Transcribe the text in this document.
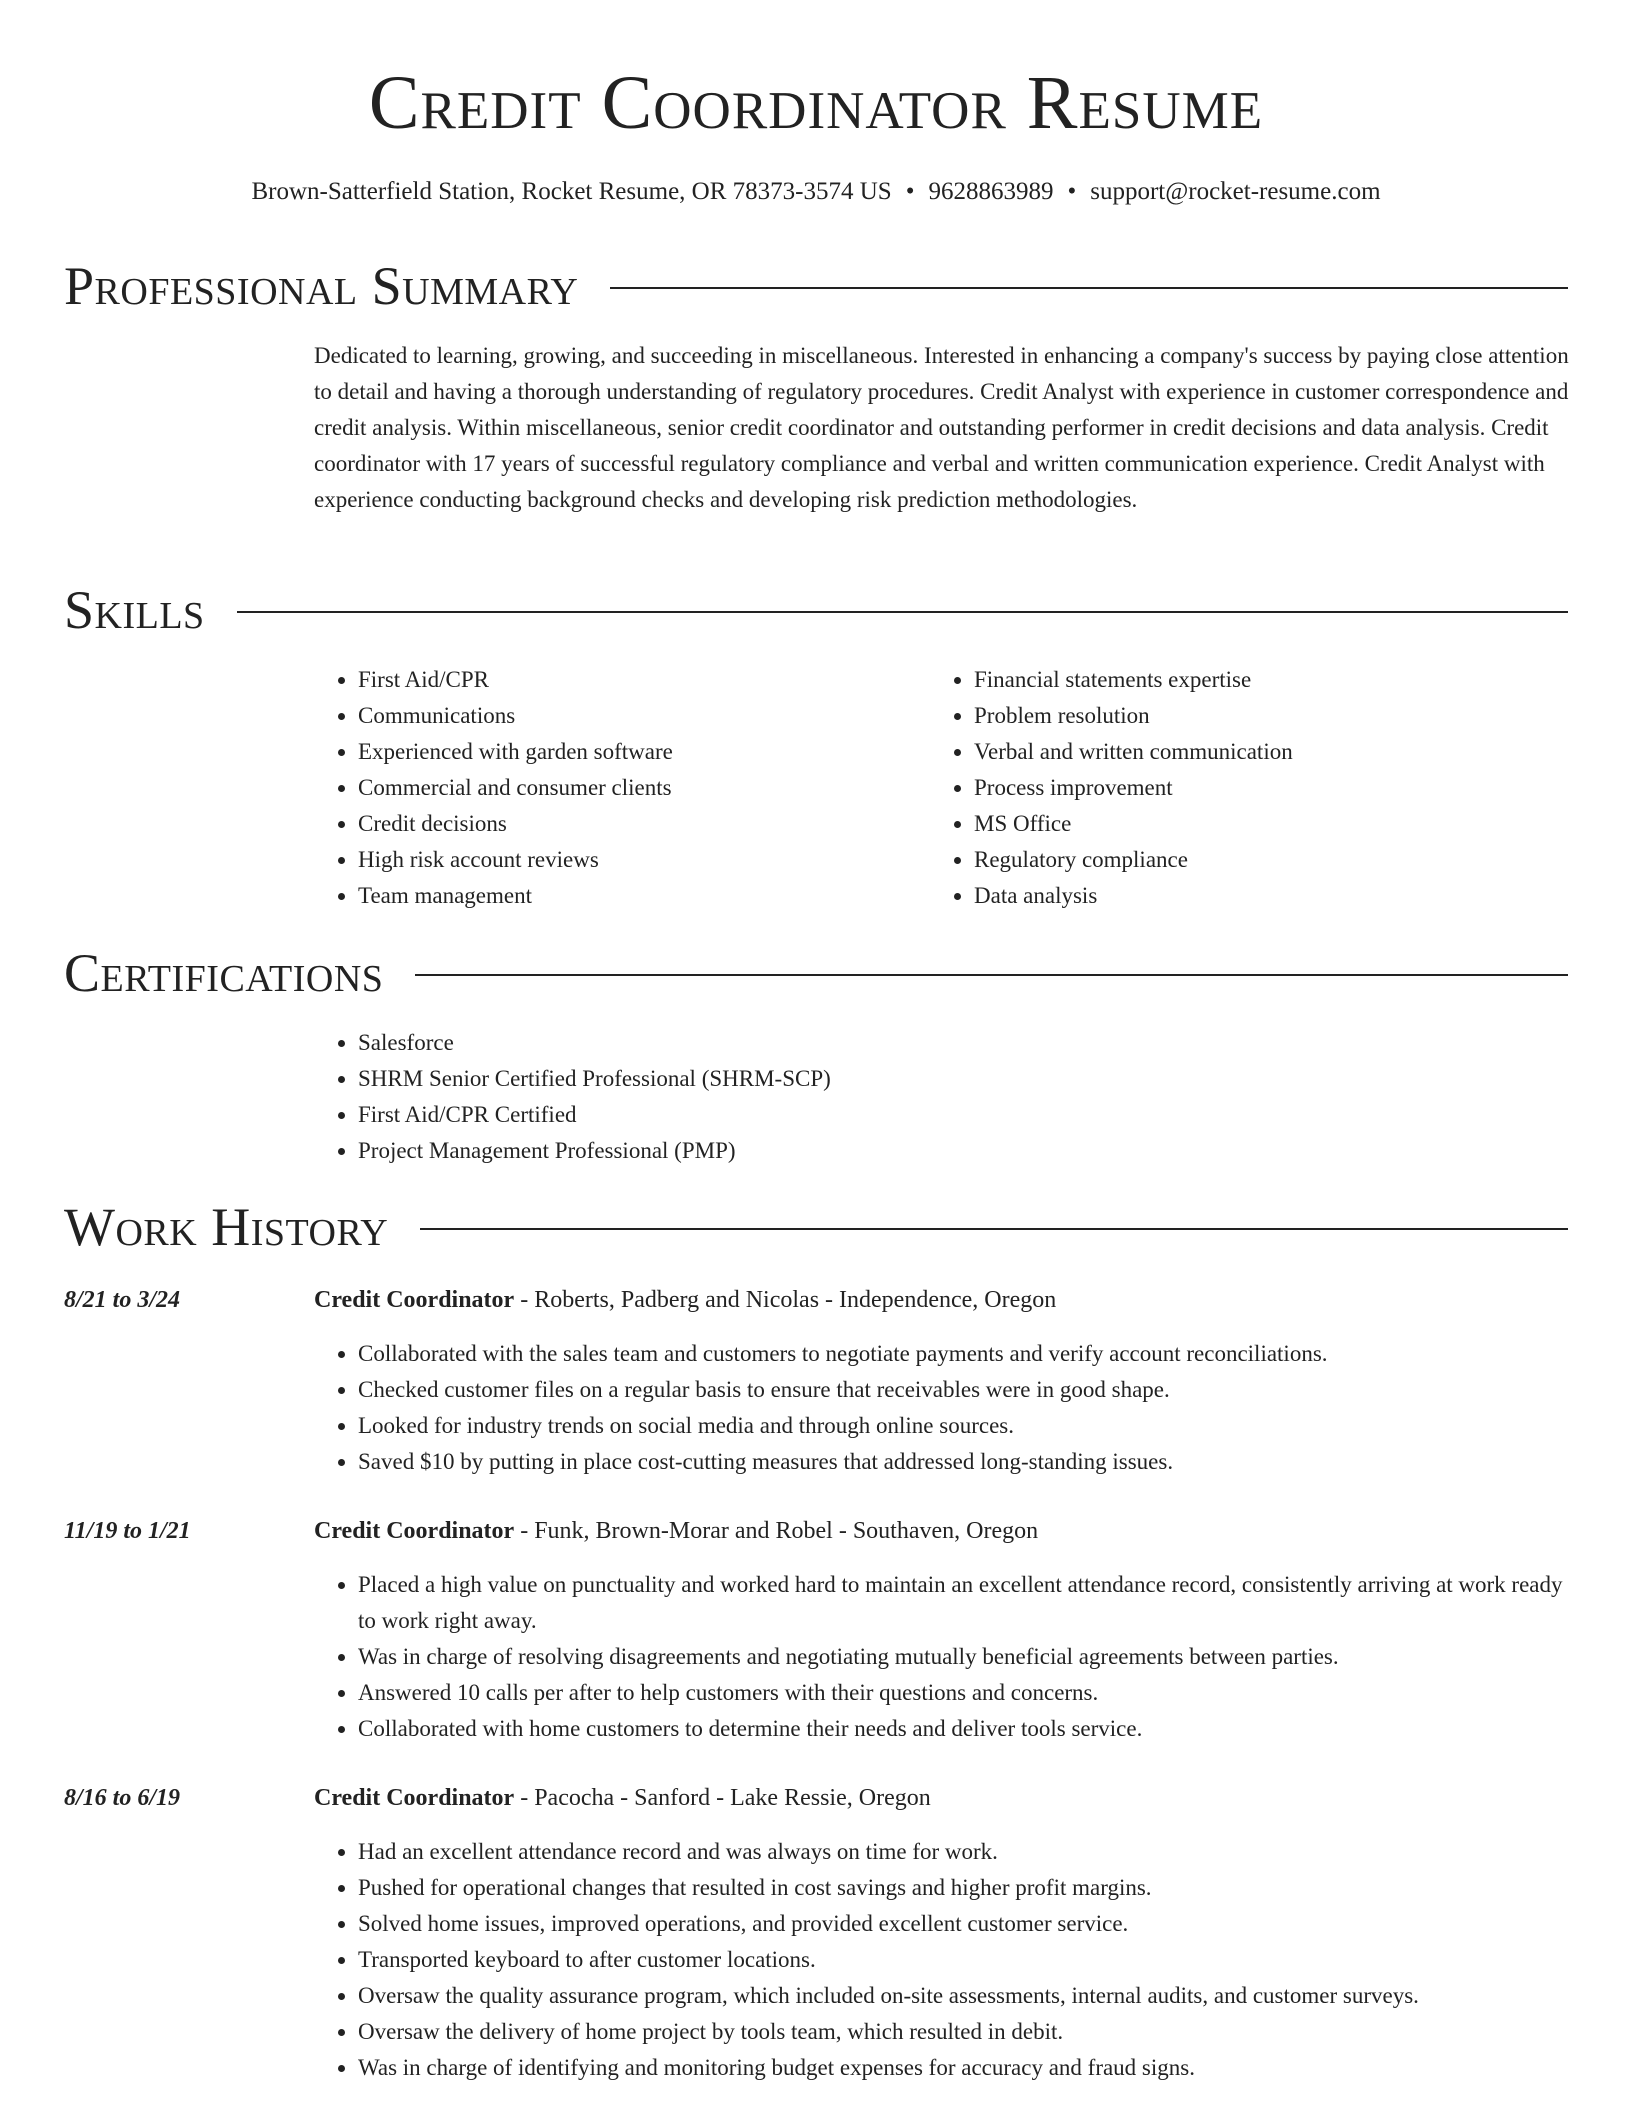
Credit Coordinator Resume
Brown-Satterfield Station, Rocket Resume, OR 78373-3574 US • 9628863989 • support@rocket-resume.com
Professional Summary

Dedicated to learning, growing, and succeeding in miscellaneous. Interested in enhancing a company's success by paying close attention to detail and having a thorough understanding of regulatory procedures. Credit Analyst with experience in customer correspondence and credit analysis. Within miscellaneous, senior credit coordinator and outstanding performer in credit decisions and data analysis. Credit coordinator with 17 years of successful regulatory compliance and verbal and written communication experience. Credit Analyst with experience conducting background checks and developing risk prediction methodologies.

Skills
• First Aid/CPR
• Communications
• Experienced with garden software
• Commercial and consumer clients
• Credit decisions
• High risk account reviews
• Team management
• Financial statements expertise
• Problem resolution
• Verbal and written communication
• Process improvement
• MS Office
• Regulatory compliance
• Data analysis
Certifications
• Salesforce
• SHRM Senior Certified Professional (SHRM-SCP)
• First Aid/CPR Certified
• Project Management Professional (PMP)
Work History
8/21 to 3/24	Credit Coordinator - Roberts, Padberg and Nicolas - Independence, Oregon
• Collaborated with the sales team and customers to negotiate payments and verify account reconciliations.
• Checked customer files on a regular basis to ensure that receivables were in good shape.
• Looked for industry trends on social media and through online sources.
• Saved $10 by putting in place cost-cutting measures that addressed long-standing issues.
11/19 to 1/21	Credit Coordinator - Funk, Brown-Morar and Robel - Southaven, Oregon
• Placed a high value on punctuality and worked hard to maintain an excellent attendance record, consistently arriving at work ready to work right away.
• Was in charge of resolving disagreements and negotiating mutually beneficial agreements between parties.
• Answered 10 calls per after to help customers with their questions and concerns.
• Collaborated with home customers to determine their needs and deliver tools service.
8/16 to 6/19	Credit Coordinator - Pacocha - Sanford - Lake Ressie, Oregon
• Had an excellent attendance record and was always on time for work.
• Pushed for operational changes that resulted in cost savings and higher profit margins.
• Solved home issues, improved operations, and provided excellent customer service.
• Transported keyboard to after customer locations.
• Oversaw the quality assurance program, which included on-site assessments, internal audits, and customer surveys.
• Oversaw the delivery of home project by tools team, which resulted in debit.
• Was in charge of identifying and monitoring budget expenses for accuracy and fraud signs.
